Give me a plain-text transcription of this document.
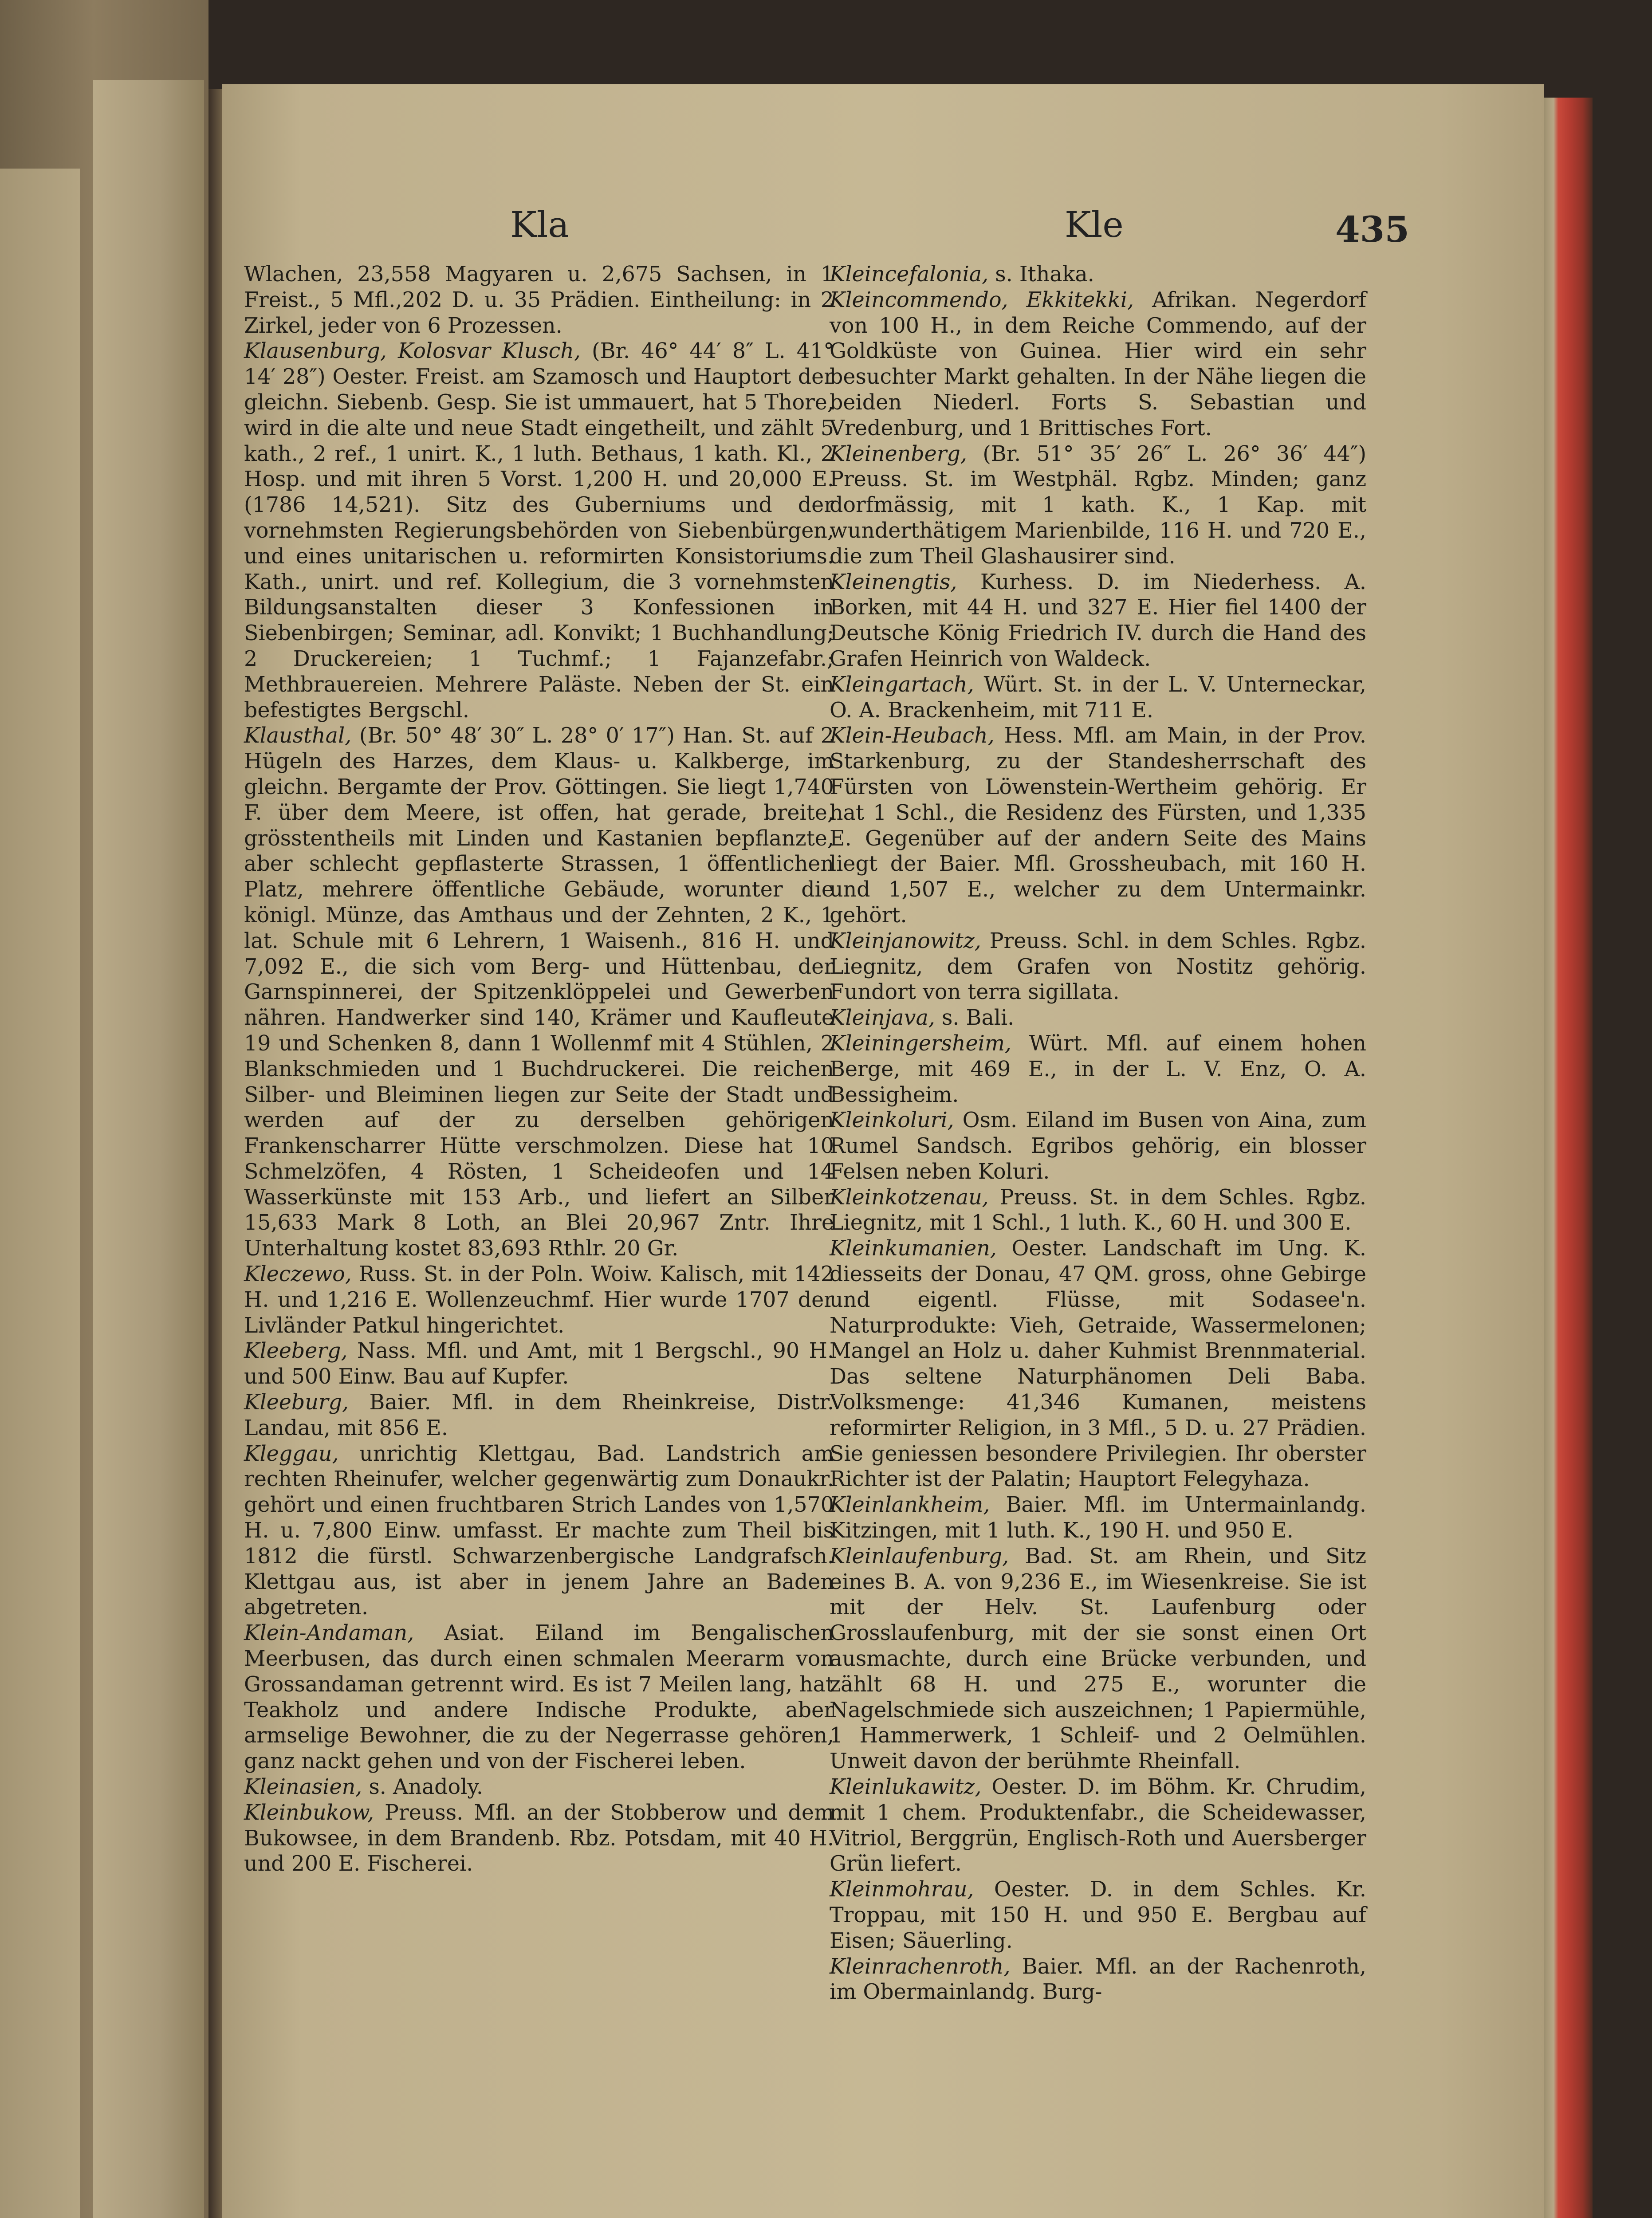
Kla	Kle	435

Wlachen, 23,558 Magyaren u. 2,675 Sachsen, in 1 Freist., 5 Mfl.,202 D. u. 35 Prädien. Eintheilung: in 2 Zirkel, jeder von 6 Prozessen.

Klausenburg, Kolosvar Klusch, (Br. 46° 44′ 8″ L. 41° 14′ 28″) Oester. Freist. am Szamosch und Hauptort der gleichn. Siebenb. Gesp. Sie ist ummauert, hat 5 Thore, wird in die alte und neue Stadt eingetheilt, und zählt 5 kath., 2 ref., 1 unirt. K., 1 luth. Bethaus, 1 kath. Kl., 2 Hosp. und mit ihren 5 Vorst. 1,200 H. und 20,000 E. (1786 14,521). Sitz des Guberniums und der vornehmsten Regierungsbehörden von Siebenbürgen, und eines unitarischen u. reformirten Konsistoriums. Kath., unirt. und ref. Kollegium, die 3 vornehmsten Bildungsanstalten dieser 3 Konfessionen in Siebenbirgen; Seminar, adl. Konvikt; 1 Buchhandlung; 2 Druckereien; 1 Tuchmf.; 1 Fajanzefabr.; Methbrauereien. Mehrere Paläste. Neben der St. ein befestigtes Bergschl.

Klausthal, (Br. 50° 48′ 30″ L. 28° 0′ 17″) Han. St. auf 2 Hügeln des Harzes, dem Klaus- u. Kalkberge, im gleichn. Bergamte der Prov. Göttingen. Sie liegt 1,740 F. über dem Meere, ist offen, hat gerade, breite, grösstentheils mit Linden und Kastanien bepflanzte, aber schlecht gepflasterte Strassen, 1 öffentlichen Platz, mehrere öffentliche Gebäude, worunter die königl. Münze, das Amthaus und der Zehnten, 2 K., 1 lat. Schule mit 6 Lehrern, 1 Waisenh., 816 H. und 7,092 E., die sich vom Berg- und Hüttenbau, der Garnspinnerei, der Spitzenklöppelei und Gewerben nähren. Handwerker sind 140, Krämer und Kaufleute 19 und Schenken 8, dann 1 Wollenmf mit 4 Stühlen, 2 Blankschmieden und 1 Buchdruckerei. Die reichen Silber- und Bleiminen liegen zur Seite der Stadt und werden auf der zu derselben gehörigen Frankenscharrer Hütte verschmolzen. Diese hat 10 Schmelzöfen, 4 Rösten, 1 Scheideofen und 14 Wasserkünste mit 153 Arb., und liefert an Silber 15,633 Mark 8 Loth, an Blei 20,967 Zntr. Ihre Unterhaltung kostet 83,693 Rthlr. 20 Gr.

Kleczewo, Russ. St. in der Poln. Woiw. Kalisch, mit 142 H. und 1,216 E. Wollenzeuchmf. Hier wurde 1707 der Livländer Patkul hingerichtet.

Kleeberg, Nass. Mfl. und Amt, mit 1 Bergschl., 90 H. und 500 Einw. Bau auf Kupfer.

Kleeburg, Baier. Mfl. in dem Rheinkreise, Distr. Landau, mit 856 E.

Kleggau, unrichtig Klettgau, Bad. Landstrich am rechten Rheinufer, welcher gegenwärtig zum Donaukr. gehört und einen fruchtbaren Strich Landes von 1,570 H. u. 7,800 Einw. umfasst. Er machte zum Theil bis 1812 die fürstl. Schwarzenbergische Landgrafsch. Klettgau aus, ist aber in jenem Jahre an Baden abgetreten.

Klein-Andaman, Asiat. Eiland im Bengalischen Meerbusen, das durch einen schmalen Meerarm von Grossandaman getrennt wird. Es ist 7 Meilen lang, hat Teakholz und andere Indische Produkte, aber armselige Bewohner, die zu der Negerrasse gehören, ganz nackt gehen und von der Fischerei leben.

Kleinasien, s. Anadoly.

Kleinbukow, Preuss. Mfl. an der Stobberow und dem Bukowsee, in dem Brandenb. Rbz. Potsdam, mit 40 H. und 200 E. Fischerei.

Kleincefalonia, s. Ithaka.

Kleincommendo, Ekkitekki, Afrikan. Negerdorf von 100 H., in dem Reiche Commendo, auf der Goldküste von Guinea. Hier wird ein sehr besuchter Markt gehalten. In der Nähe liegen die beiden Niederl. Forts S. Sebastian und Vredenburg, und 1 Brittisches Fort.

Kleinenberg, (Br. 51° 35′ 26″ L. 26° 36′ 44″) Preuss. St. im Westphäl. Rgbz. Minden; ganz dorfmässig, mit 1 kath. K., 1 Kap. mit wunderthätigem Marienbilde, 116 H. und 720 E., die zum Theil Glashausirer sind.

Kleinengtis, Kurhess. D. im Niederhess. A. Borken, mit 44 H. und 327 E. Hier fiel 1400 der Deutsche König Friedrich IV. durch die Hand des Grafen Heinrich von Waldeck.

Kleingartach, Würt. St. in der L. V. Unterneckar, O. A. Brackenheim, mit 711 E.

Klein-Heubach, Hess. Mfl. am Main, in der Prov. Starkenburg, zu der Standesherrschaft des Fürsten von Löwenstein-Wertheim gehörig. Er hat 1 Schl., die Residenz des Fürsten, und 1,335 E. Gegenüber auf der andern Seite des Mains liegt der Baier. Mfl. Grossheubach, mit 160 H. und 1,507 E., welcher zu dem Untermainkr. gehört.

Kleinjanowitz, Preuss. Schl. in dem Schles. Rgbz. Liegnitz, dem Grafen von Nostitz gehörig. Fundort von terra sigillata.

Kleinjava, s. Bali.

Kleiningersheim, Würt. Mfl. auf einem hohen Berge, mit 469 E., in der L. V. Enz, O. A. Bessigheim.

Kleinkoluri, Osm. Eiland im Busen von Aina, zum Rumel Sandsch. Egribos gehörig, ein blosser Felsen neben Koluri.

Kleinkotzenau, Preuss. St. in dem Schles. Rgbz. Liegnitz, mit 1 Schl., 1 luth. K., 60 H. und 300 E.

Kleinkumanien, Oester. Landschaft im Ung. K. diesseits der Donau, 47 QM. gross, ohne Gebirge und eigentl. Flüsse, mit Sodasee'n. Naturprodukte: Vieh, Getraide, Wassermelonen; Mangel an Holz u. daher Kuhmist Brennmaterial. Das seltene Naturphänomen Deli Baba. Volksmenge: 41,346 Kumanen, meistens reformirter Religion, in 3 Mfl., 5 D. u. 27 Prädien. Sie geniessen besondere Privilegien. Ihr oberster Richter ist der Palatin; Hauptort Felegyhaza.

Kleinlankheim, Baier. Mfl. im Untermainlandg. Kitzingen, mit 1 luth. K., 190 H. und 950 E.

Kleinlaufenburg, Bad. St. am Rhein, und Sitz eines B. A. von 9,236 E., im Wiesenkreise. Sie ist mit der Helv. St. Laufenburg oder Grosslaufenburg, mit der sie sonst einen Ort ausmachte, durch eine Brücke verbunden, und zählt 68 H. und 275 E., worunter die Nagelschmiede sich auszeichnen; 1 Papiermühle, 1 Hammerwerk, 1 Schleif- und 2 Oelmühlen. Unweit davon der berühmte Rheinfall.

Kleinlukawitz, Oester. D. im Böhm. Kr. Chrudim, mit 1 chem. Produktenfabr., die Scheidewasser, Vitriol, Berggrün, Englisch-Roth und Auersberger Grün liefert.

Kleinmohrau, Oester. D. in dem Schles. Kr. Troppau, mit 150 H. und 950 E. Bergbau auf Eisen; Säuerling.

Kleinrachenroth, Baier. Mfl. an der Rachenroth, im Obermainlandg. Burg-
